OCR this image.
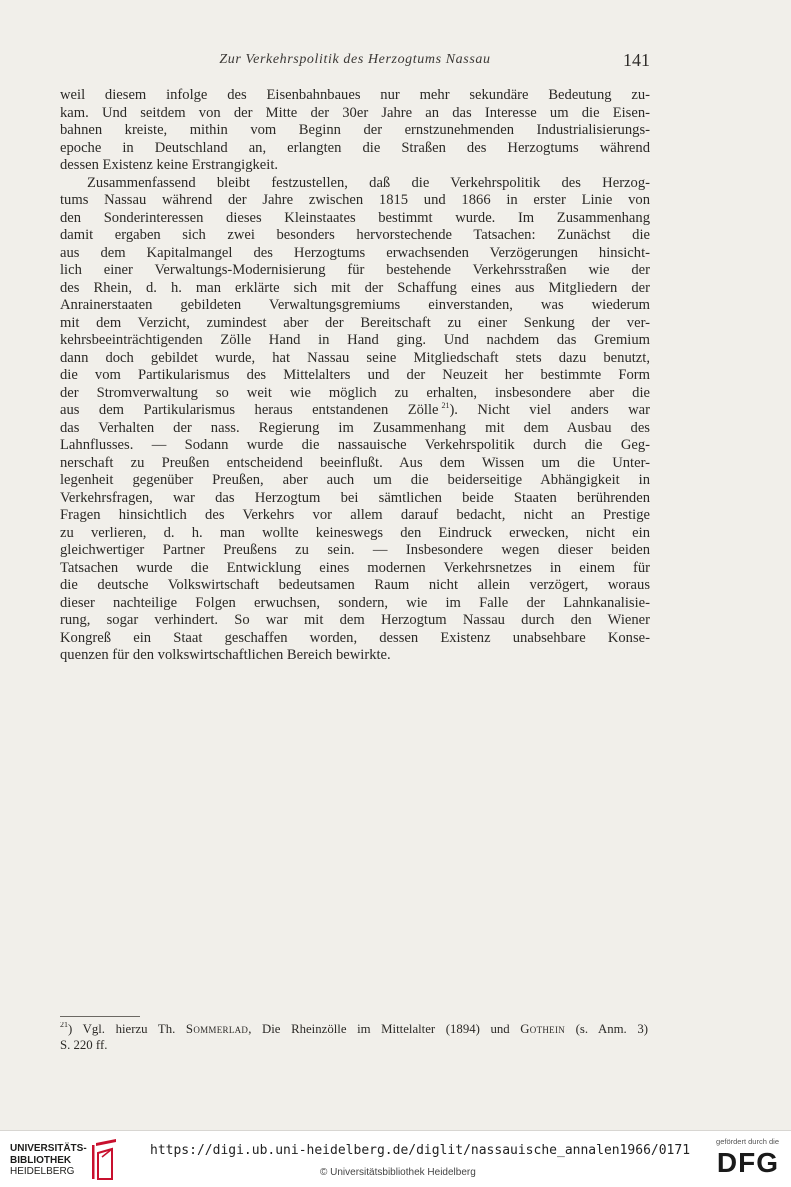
Zur Verkehrspolitik des Herzogtums Nassau	141
weil diesem infolge des Eisenbahnbaues nur mehr sekundäre Bedeutung zu-
kam. Und seitdem von der Mitte der 30er Jahre an das Interesse um die Eisen-
bahnen kreiste, mithin vom Beginn der ernstzunehmenden Industrialisierungs-
epoche in Deutschland an, erlangten die Straßen des Herzogtums während
dessen Existenz keine Erstrangigkeit.
Zusammenfassend bleibt festzustellen, daß die Verkehrspolitik des Herzog-
tums Nassau während der Jahre zwischen 1815 und 1866 in erster Linie von
den Sonderinteressen dieses Kleinstaates bestimmt wurde. Im Zusammenhang
damit ergaben sich zwei besonders hervorstechende Tatsachen: Zunächst die
aus dem Kapitalmangel des Herzogtums erwachsenden Verzögerungen hinsicht-
lich einer Verwaltungs-Modernisierung für bestehende Verkehrsstraßen wie der
des Rhein, d. h. man erklärte sich mit der Schaffung eines aus Mitgliedern der
Anrainerstaaten gebildeten Verwaltungsgremiums einverstanden, was wiederum
mit dem Verzicht, zumindest aber der Bereitschaft zu einer Senkung der ver-
kehrsbeeinträchtigenden Zölle Hand in Hand ging. Und nachdem das Gremium
dann doch gebildet wurde, hat Nassau seine Mitgliedschaft stets dazu benutzt,
die vom Partikularismus des Mittelalters und der Neuzeit her bestimmte Form
der Stromverwaltung so weit wie möglich zu erhalten, insbesondere aber die
aus dem Partikularismus heraus entstandenen Zölle  $^{21}$). Nicht viel anders war
das Verhalten der nass. Regierung im Zusammenhang mit dem Ausbau des
Lahnflusses. — Sodann wurde die nassauische Verkehrspolitik durch die Geg-
nerschaft zu Preußen entscheidend beeinflußt. Aus dem Wissen um die Unter-
legenheit gegenüber Preußen, aber auch um die beiderseitige Abhängigkeit in
Verkehrsfragen, war das Herzogtum bei sämtlichen beide Staaten berührenden
Fragen hinsichtlich des Verkehrs vor allem darauf bedacht, nicht an Prestige
zu verlieren, d. h. man wollte keineswegs den Eindruck erwecken, nicht ein
gleichwertiger Partner Preußens zu sein. — Insbesondere wegen dieser beiden
Tatsachen wurde die Entwicklung eines modernen Verkehrsnetzes in einem für
die deutsche Volkswirtschaft bedeutsamen Raum nicht allein verzögert, woraus
dieser nachteilige Folgen erwuchsen, sondern, wie im Falle der Lahnkanalisie-
rung, sogar verhindert. So war mit dem Herzogtum Nassau durch den Wiener
Kongreß ein Staat geschaffen worden, dessen Existenz unabsehbare Konse-
quenzen für den volkswirtschaftlichen Bereich bewirkte.
$^{21}$) Vgl. hierzu Th. Sommerlad, Die Rheinzölle im Mittelalter (1894) und Gothein (s. Anm. 3)
S. 220 ff.
UNIVERSITÄTS-
BIBLIOTHEK
HEIDELBERG
https://digi.ub.uni-heidelberg.de/diglit/nassauische_annalen1966/0171
© Universitätsbibliothek Heidelberg
gefördert durch die
DFG
